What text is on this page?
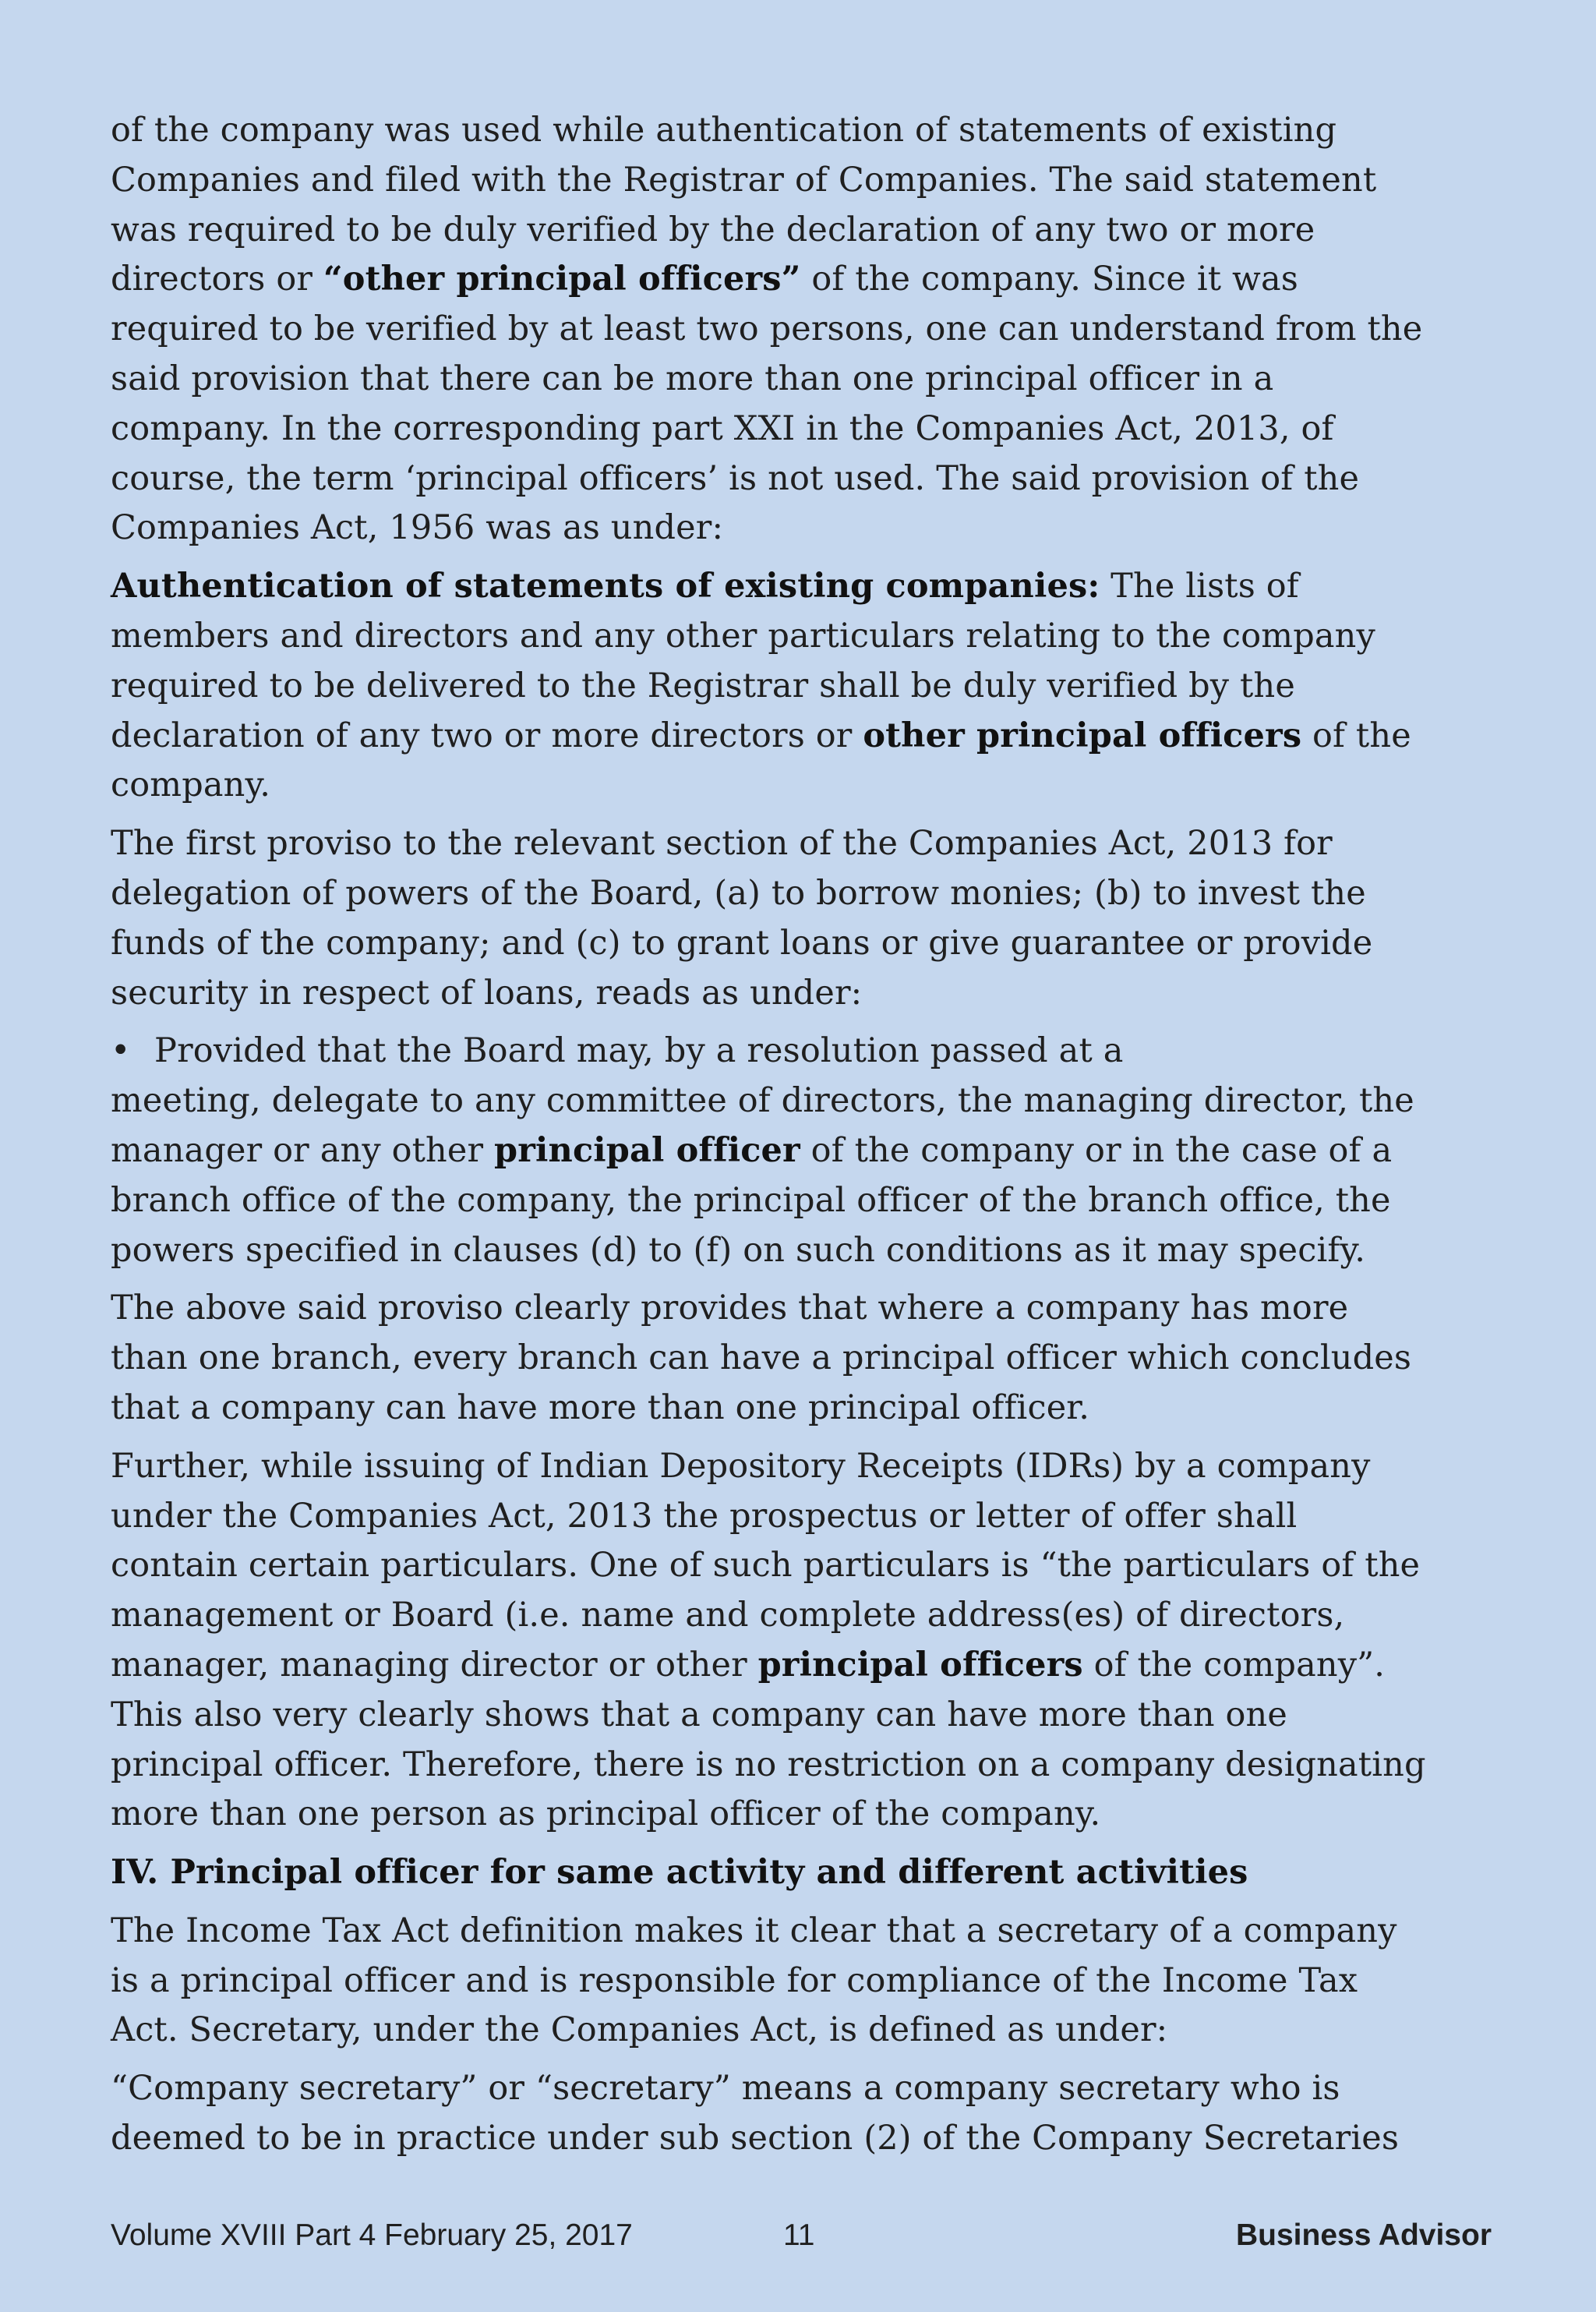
of the company was used while authentication of statements of existing
Companies and filed with the Registrar of Companies. The said statement
was required to be duly verified by the declaration of any two or more
directors or “other principal officers” of the company. Since it was
required to be verified by at least two persons, one can understand from the
said provision that there can be more than one principal officer in a
company. In the corresponding part XXI in the Companies Act, 2013, of
course, the term ‘principal officers’ is not used. The said provision of the
Companies Act, 1956 was as under:

Authentication of statements of existing companies: The lists of
members and directors and any other particulars relating to the company
required to be delivered to the Registrar shall be duly verified by the
declaration of any two or more directors or other principal officers of the
company.

The first proviso to the relevant section of the Companies Act, 2013 for
delegation of powers of the Board, (a) to borrow monies; (b) to invest the
funds of the company; and (c) to grant loans or give guarantee or provide
security in respect of loans, reads as under:

• Provided that the Board may, by a resolution passed at a
meeting, delegate to any committee of directors, the managing director, the
manager or any other principal officer of the company or in the case of a
branch office of the company, the principal officer of the branch office, the
powers specified in clauses (d) to (f) on such conditions as it may specify.

The above said proviso clearly provides that where a company has more
than one branch, every branch can have a principal officer which concludes
that a company can have more than one principal officer.

Further, while issuing of Indian Depository Receipts (IDRs) by a company
under the Companies Act, 2013 the prospectus or letter of offer shall
contain certain particulars. One of such particulars is “the particulars of the
management or Board (i.e. name and complete address(es) of directors,
manager, managing director or other principal officers of the company”.
This also very clearly shows that a company can have more than one
principal officer. Therefore, there is no restriction on a company designating
more than one person as principal officer of the company.

IV. Principal officer for same activity and different activities

The Income Tax Act definition makes it clear that a secretary of a company
is a principal officer and is responsible for compliance of the Income Tax
Act. Secretary, under the Companies Act, is defined as under:

“Company secretary” or “secretary” means a company secretary who is
deemed to be in practice under sub section (2) of the Company Secretaries

Volume XVIII Part 4 February 25, 2017	11	Business Advisor
